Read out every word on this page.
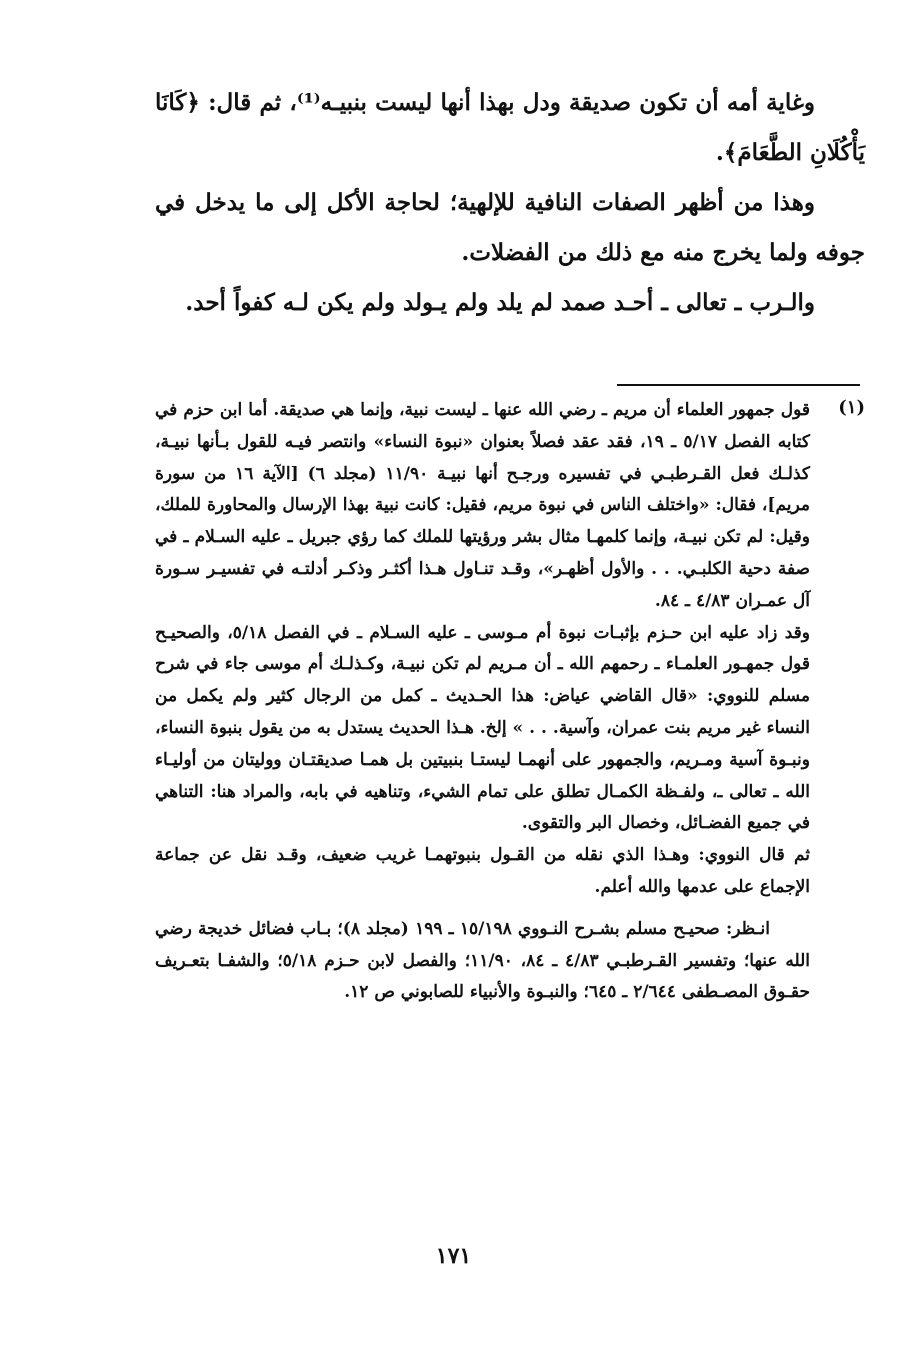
وغاية أمه أن تكون صديقة ودل بهذا أنها ليست بنبيـه⁽¹⁾، ثم قال: ﴿كَانَا يَأْكُلَانِ الطَّعَامَ﴾.

وهذا من أظهر الصفات النافية للإلهية؛ لحاجة الأكل إلى ما يدخل في جوفه ولما يخرج منه مع ذلك من الفضلات.

والـرب ـ تعالى ـ أحـد صمد لم يلد ولم يـولد ولم يكن لـه كفواً أحد.

(١)

قول جمهور العلماء أن مريم ـ رضي الله عنها ـ ليست نبية، وإنما هي صديقة. أما ابن حزم في كتابه الفصل ٥/١٧ ـ ١٩، فقد عقد فصلاً بعنوان «نبوة النساء» وانتصر فيـه للقول بـأنها نبيـة، كذلـك فعل القـرطبـي في تفسيره ورجـح أنها نبيـة ١١/٩٠ (مجلد ٦) [الآية ١٦ من سورة مريم]، فقال: «واختلف الناس في نبوة مريم، فقيل: كانت نبية بهذا الإرسال والمحاورة للملك، وقيل: لم تكن نبيـة، وإنما كلمهـا مثال بشر ورؤيتها للملك كما رؤي جبريل ـ عليه السـلام ـ في صفة دحية الكلبـي. . . والأول أظهـر»، وقـد تنـاول هـذا أكثـر وذكـر أدلتـه في تفسيـر سـورة آل عمـران ٤/٨٣ ـ ٨٤.

وقد زاد عليه ابن حـزم بإثبـات نبوة أم مـوسى ـ عليه السـلام ـ في الفصل ٥/١٨، والصحيـح قول جمهـور العلمـاء ـ رحمهم الله ـ أن مـريم لم تكن نبيـة، وكـذلـك أم موسى جاء في شرح مسلم للنووي: «قال القاضي عياض: هذا الحـديث ـ كمل من الرجال كثير ولم يكمل من النساء غير مريم بنت عمران، وآسية. . . » إلخ. هـذا الحديث يستدل به من يقول بنبوة النساء، ونبـوة آسية ومـريم، والجمهور على أنهمـا ليستـا بنبيتين بل همـا صديقتـان ووليتان من أوليـاء الله ـ تعالى ـ، ولفـظة الكمـال تطلق على تمام الشيء، وتناهيه في بابه، والمراد هنا: التناهي في جميع الفضـائل، وخصال البر والتقوى.

ثم قال النووي: وهـذا الذي نقله من القـول بنبوتهمـا غريب ضعيف، وقـد نقل عن جماعة الإجماع على عدمها والله أعلم.

انـظر: صحيـح مسلم بشـرح النـووي ١٥/١٩٨ ـ ١٩٩ (مجلد ٨)؛ بـاب فضائل خديجة رضي الله عنها؛ وتفسير القـرطبـي ٤/٨٣ ـ ٨٤، ١١/٩٠؛ والفصل لابن حـزم ٥/١٨؛ والشفـا بتعـريف حقـوق المصـطفى ٢/٦٤٤ ـ ٦٤٥؛ والنبـوة والأنبياء للصابوني ص ١٢.

١٧١
